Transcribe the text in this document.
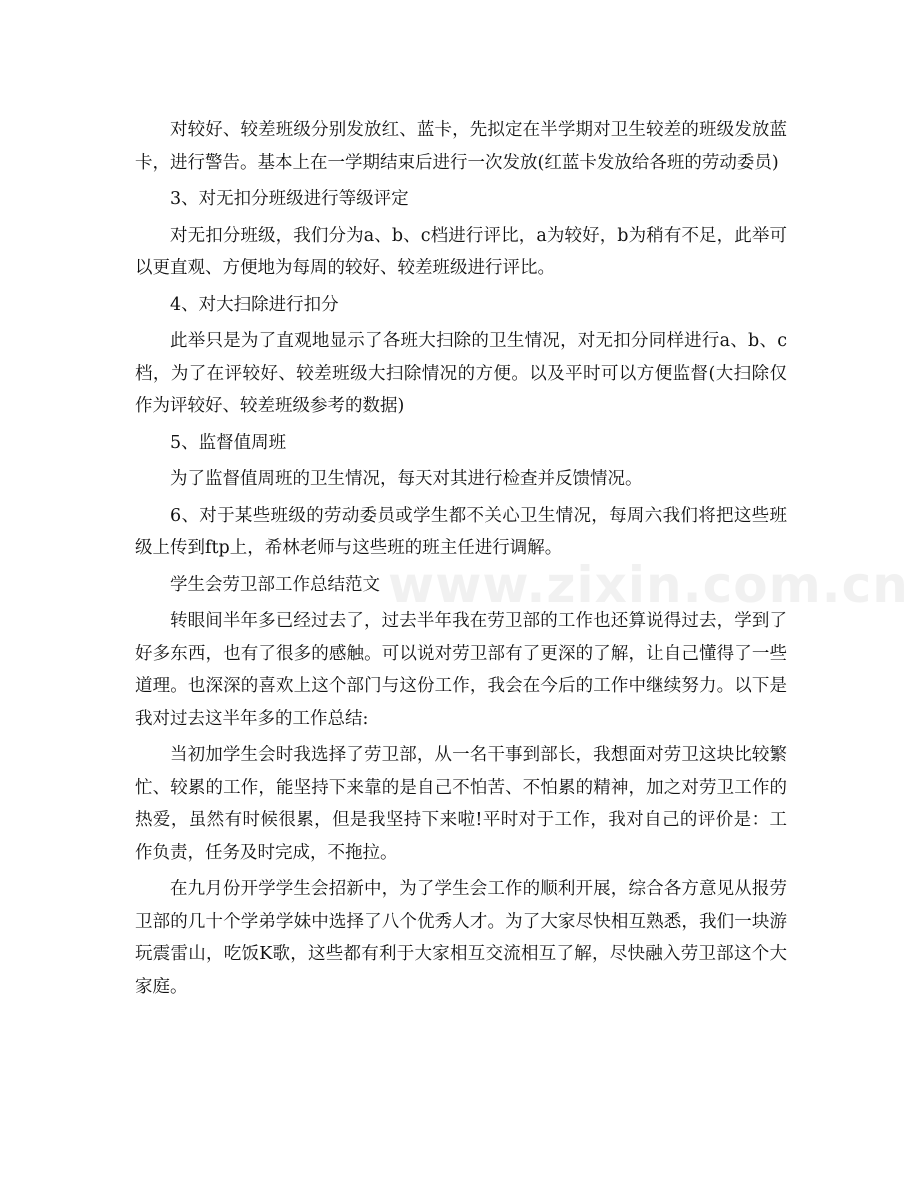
对较好、较差班级分别发放红、蓝卡，先拟定在半学期对卫生较差的班级发放蓝卡，进行警告。基本上在一学期结束后进行一次发放(红蓝卡发放给各班的劳动委员)

3、对无扣分班级进行等级评定

对无扣分班级，我们分为a、b、c档进行评比，a为较好，b为稍有不足，此举可以更直观、方便地为每周的较好、较差班级进行评比。

4、对大扫除进行扣分

此举只是为了直观地显示了各班大扫除的卫生情况，对无扣分同样进行a、b、c档，为了在评较好、较差班级大扫除情况的方便。以及平时可以方便监督(大扫除仅作为评较好、较差班级参考的数据)

5、监督值周班

为了监督值周班的卫生情况，每天对其进行检查并反馈情况。

6、对于某些班级的劳动委员或学生都不关心卫生情况，每周六我们将把这些班级上传到ftp上，希林老师与这些班的班主任进行调解。

学生会劳卫部工作总结范文

转眼间半年多已经过去了，过去半年我在劳卫部的工作也还算说得过去，学到了好多东西，也有了很多的感触。可以说对劳卫部有了更深的了解，让自己懂得了一些道理。也深深的喜欢上这个部门与这份工作，我会在今后的工作中继续努力。以下是我对过去这半年多的工作总结:

当初加学生会时我选择了劳卫部，从一名干事到部长，我想面对劳卫这块比较繁忙、较累的工作，能坚持下来靠的是自己不怕苦、不怕累的精神，加之对劳卫工作的热爱，虽然有时候很累，但是我坚持下来啦!平时对于工作，我对自己的评价是：工作负责，任务及时完成，不拖拉。

在九月份开学学生会招新中，为了学生会工作的顺利开展，综合各方意见从报劳卫部的几十个学弟学妹中选择了八个优秀人才。为了大家尽快相互熟悉，我们一块游玩震雷山，吃饭K歌，这些都有利于大家相互交流相互了解，尽快融入劳卫部这个大家庭。

www.zixin.com.cn
